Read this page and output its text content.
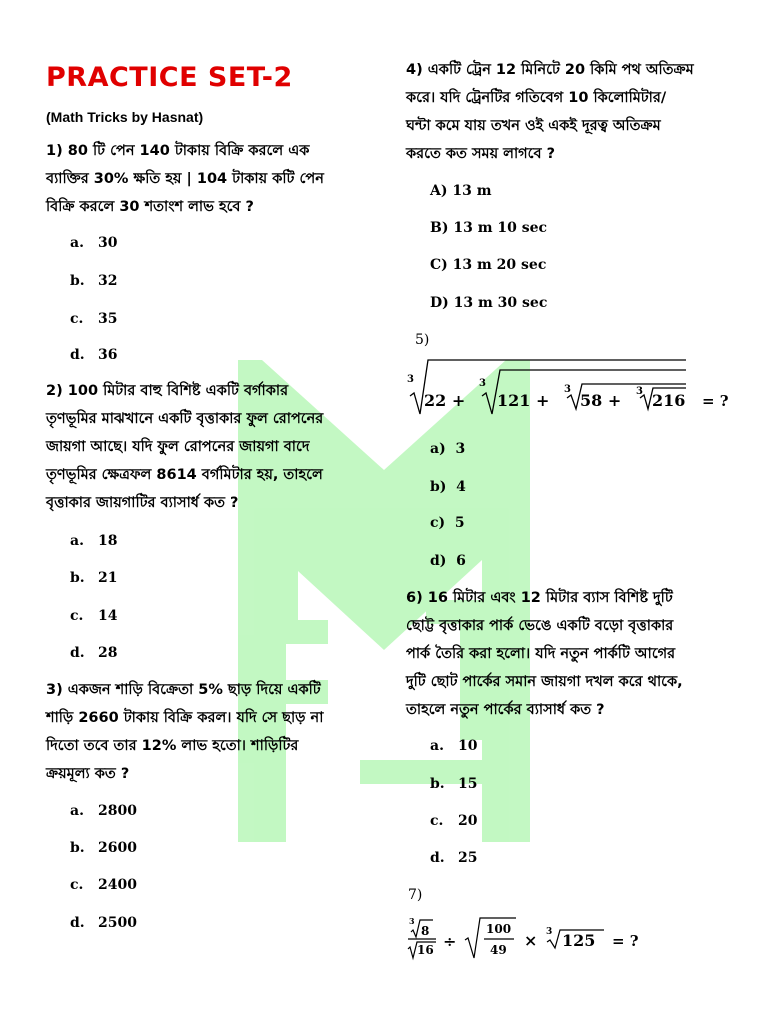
PRACTICE SET-2
(Math Tricks by Hasnat)
1) 80 টি পেন 140 টাকায় বিক্রি করলে এক
ব্যাক্তির 30% ক্ষতি হয় | 104 টাকায় কটি পেন
বিক্রি করলে 30 শতাংশ লাভ হবে ?
a. 30
b. 32
c. 35
d. 36
2) 100 মিটার বাহু বিশিষ্ট একটি বর্গাকার
তৃণভূমির মাঝখানে একটি বৃত্তাকার ফুল রোপনের
জায়গা আছে। যদি ফুল রোপনের জায়গা বাদে
তৃণভূমির ক্ষেত্রফল 8614 বর্গমিটার হয়, তাহলে
বৃত্তাকার জায়গাটির ব্যাসার্ধ কত ?
a. 18
b. 21
c. 14
d. 28
3) একজন শাড়ি বিক্রেতা 5% ছাড় দিয়ে একটি
শাড়ি 2660 টাকায় বিক্রি করল। যদি সে ছাড় না
দিতো তবে তার 12% লাভ হতো। শাড়িটির
ক্রয়মূল্য কত ?
a. 2800
b. 2600
c. 2400
d. 2500
4) একটি ট্রেন 12 মিনিটে 20 কিমি পথ অতিক্রম
করে। যদি ট্রেনটির গতিবেগ 10 কিলোমিটার/
ঘন্টা কমে যায় তখন ওই একই দূরত্ব অতিক্রম
করতে কত সময় লাগবে ?
A) 13 m
B) 13 m 10 sec
C) 13 m 20 sec
D) 13 m 30 sec
5)
3	3
3	3
22 + 121 + 58 + 216 = ?
a) 3
b) 4
c) 5
d) 6
6) 16 মিটার এবং 12 মিটার ব্যাস বিশিষ্ট দুটি
ছোট্ট বৃত্তাকার পার্ক ভেঙে একটি বড়ো বৃত্তাকার
পার্ক তৈরি করা হলো। যদি নতুন পার্কটি আগের
দুটি ছোট পার্কের সমান জায়গা দখল করে থাকে,
তাহলে নতুন পার্কের ব্যাসার্ধ কত ?
a. 10
b. 15
c. 20
d. 25
7)
3
8
16 ÷
100
49 × 3 125 = ?
